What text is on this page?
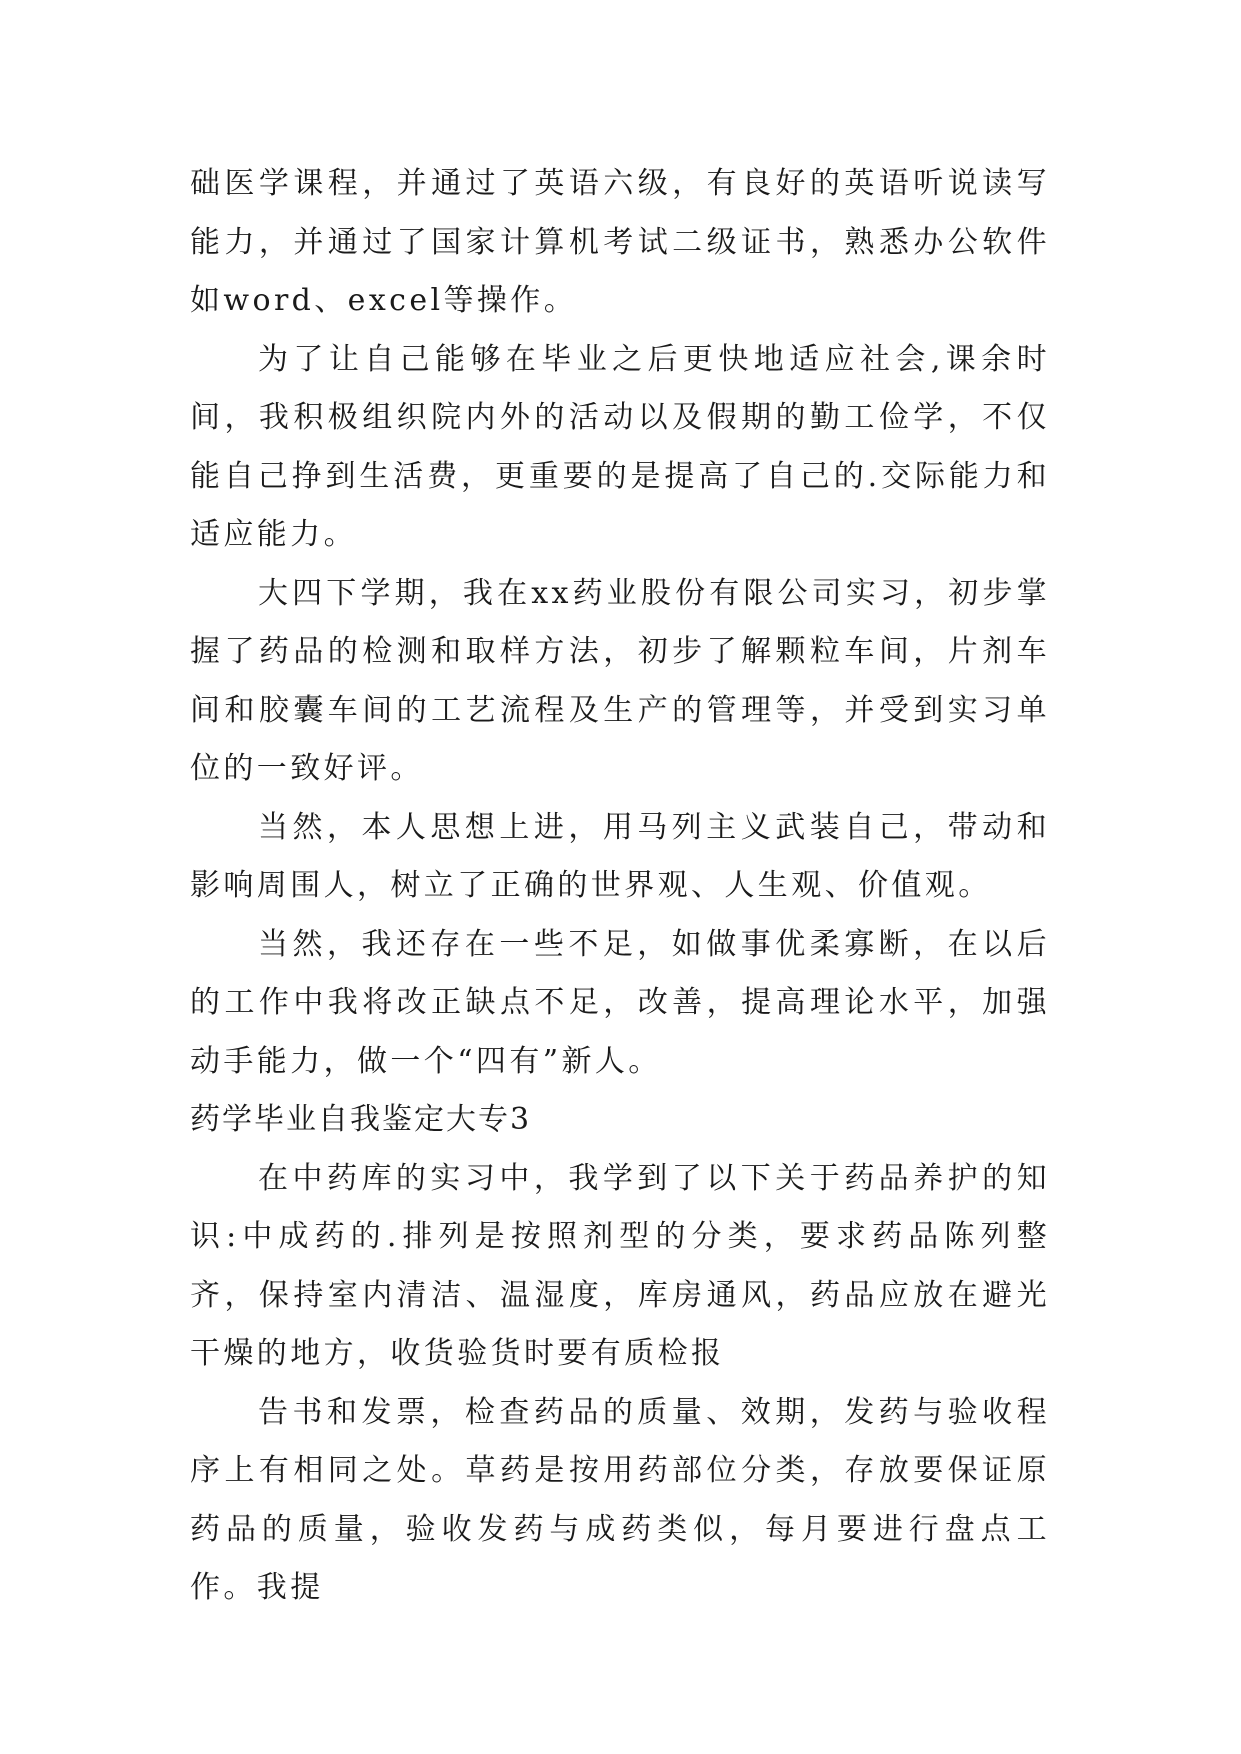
础医学课程，并通过了英语六级，有良好的英语听说读写能力，并通过了国家计算机考试二级证书，熟悉办公软件如word、excel等操作。

为了让自己能够在毕业之后更快地适应社会,课余时间，我积极组织院内外的活动以及假期的勤工俭学，不仅能自己挣到生活费，更重要的是提高了自己的.交际能力和适应能力。

大四下学期，我在xx药业股份有限公司实习，初步掌握了药品的检测和取样方法，初步了解颗粒车间，片剂车间和胶囊车间的工艺流程及生产的管理等，并受到实习单位的一致好评。

当然，本人思想上进，用马列主义武装自己，带动和影响周围人，树立了正确的世界观、人生观、价值观。

当然，我还存在一些不足，如做事优柔寡断，在以后的工作中我将改正缺点不足，改善，提高理论水平，加强动手能力，做一个“四有”新人。

药学毕业自我鉴定大专3

在中药库的实习中，我学到了以下关于药品养护的知识:中成药的.排列是按照剂型的分类，要求药品陈列整齐，保持室内清洁、温湿度，库房通风，药品应放在避光干燥的地方，收货验货时要有质检报

告书和发票，检查药品的质量、效期，发药与验收程序上有相同之处。草药是按用药部位分类，存放要保证原药品的质量，验收发药与成药类似，每月要进行盘点工作。我提
